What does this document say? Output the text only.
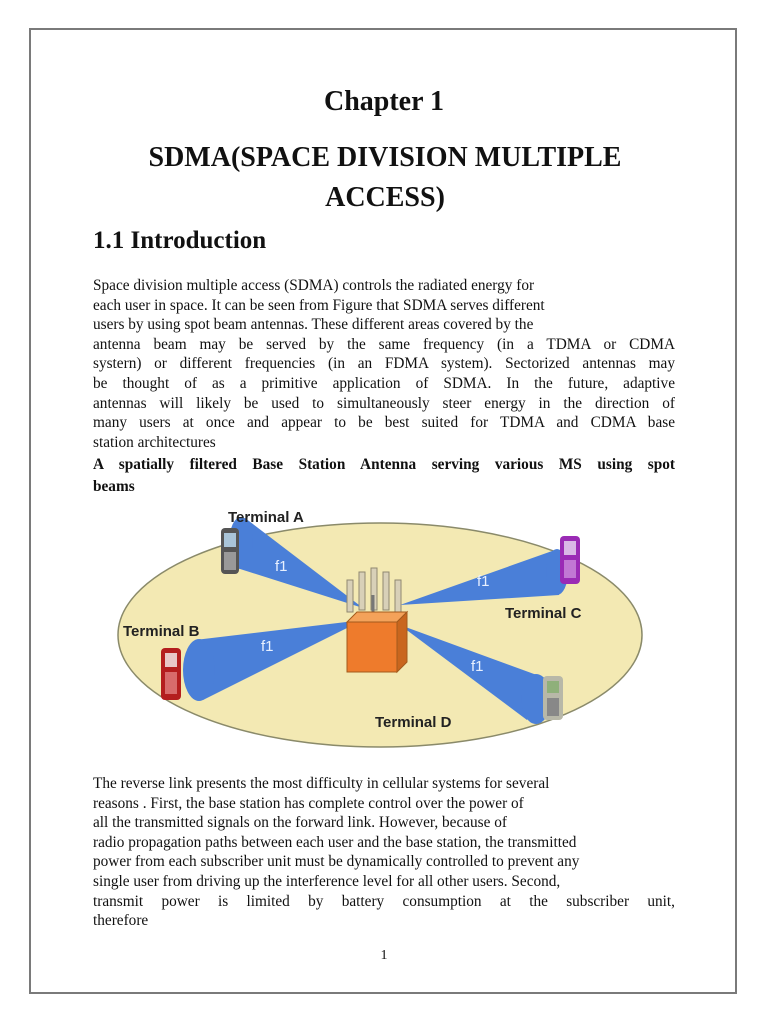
Chapter 1
SDMA(SPACE DIVISION MULTIPLE
ACCESS)
1.1 Introduction
Space division multiple access (SDMA) controls the radiated energy for
each user in space. It can be seen from Figure that SDMA serves different
users by using spot beam antennas. These different areas covered by the
antenna beam may be served by the same frequency (in a TDMA or CDMA
systern) or different frequencies (in an FDMA system). Sectorized antennas may
be thought of as a primitive application of SDMA. In the future, adaptive
antennas will likely be used to simultaneously steer energy in the direction of
many users at once and appear to be best suited for TDMA and CDMA base
station architectures
A spatially filtered Base Station Antenna serving various MS using spot
beams
f1
f1
f1
f1
Terminal A
Terminal B
Terminal C
Terminal D
The reverse link presents the most difficulty in cellular systems for several
reasons . First, the base station has complete control over the power of
all the transmitted signals on the forward link. However, because of
radio propagation paths between each user and the base station, the transmitted
power from each subscriber unit must be dynamically controlled to prevent any
single user from driving up the interference level for all other users. Second,
transmit power is limited by battery consumption at the subscriber unit,
therefore
1
